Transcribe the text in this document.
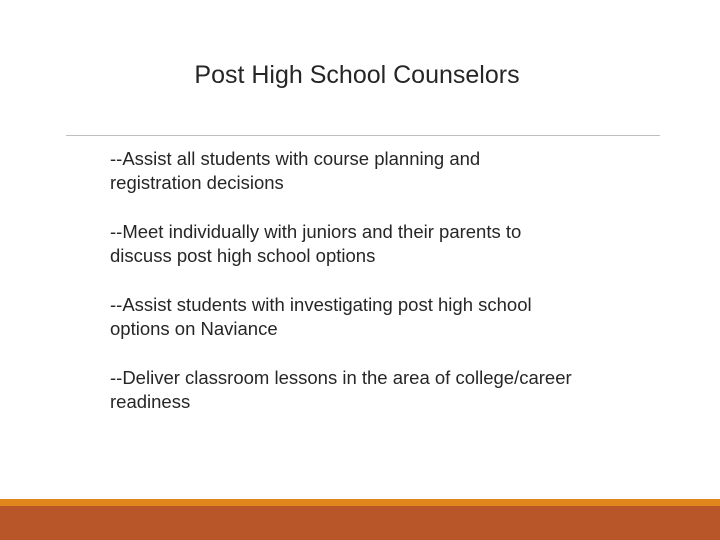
Post High School Counselors
--Assist all students with course planning and
registration decisions
--Meet individually with juniors and their parents to
discuss post high school options
--Assist students with investigating post high school
options on Naviance
--Deliver classroom lessons in the area of college/career
readiness
